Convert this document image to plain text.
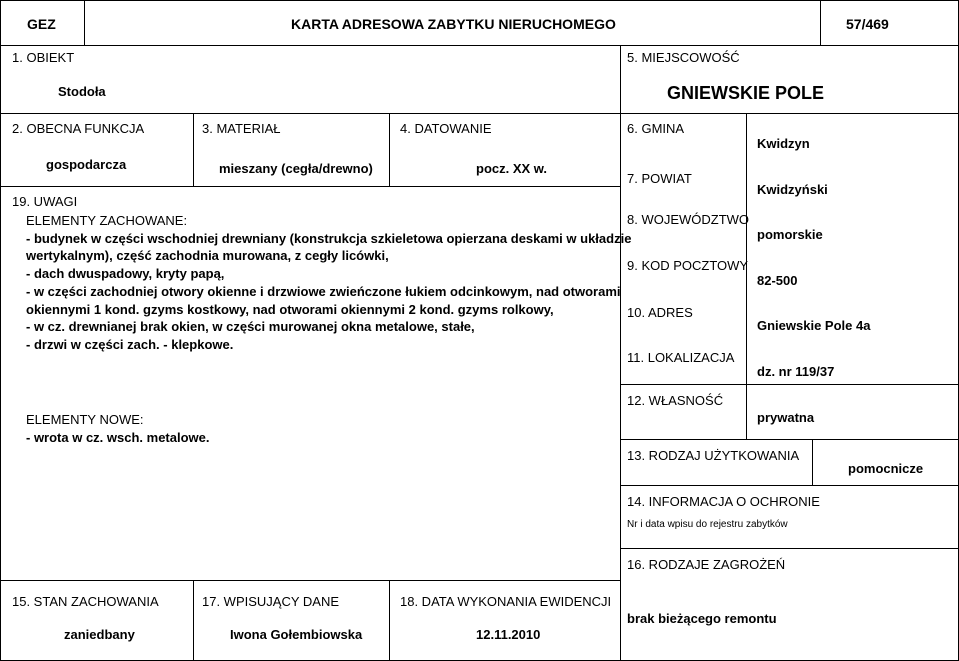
GEZ	KARTA ADRESOWA ZABYTKU NIERUCHOMEGO	57/469
1. OBIEKT
Stodoła
5. MIEJSCOWOŚĆ
GNIEWSKIE POLE
2. OBECNA FUNKCJA
gospodarcza
3. MATERIAŁ
mieszany (cegła/drewno)
4. DATOWANIE
pocz. XX w.
19. UWAGI
ELEMENTY ZACHOWANE:
- budynek w części wschodniej drewniany (konstrukcja szkieletowa opierzana deskami w układzie
wertykalnym), część zachodnia murowana, z cegły licówki,
- dach dwuspadowy, kryty papą,
- w części zachodniej otwory okienne i drzwiowe zwieńczone łukiem odcinkowym, nad otworami
okiennymi 1 kond. gzyms kostkowy, nad otworami okiennymi 2 kond. gzyms rolkowy,
- w cz. drewnianej brak okien, w części murowanej okna metalowe, stałe,
- drzwi w części zach. - klepkowe.
ELEMENTY NOWE:
- wrota w cz. wsch. metalowe.
6. GMINA
Kwidzyn
7. POWIAT
Kwidzyński
8. WOJEWÓDZTWO
pomorskie
9. KOD POCZTOWY
82-500
10. ADRES
Gniewskie Pole 4a
11. LOKALIZACJA
dz. nr 119/37
12. WŁASNOŚĆ
prywatna
13. RODZAJ UŻYTKOWANIA
pomocnicze
14. INFORMACJA O OCHRONIE
Nr i data wpisu do rejestru zabytków
16. RODZAJE ZAGROŻEŃ
brak bieżącego remontu
15. STAN ZACHOWANIA
zaniedbany
17. WPISUJĄCY DANE
Iwona Gołembiowska
18. DATA WYKONANIA EWIDENCJI
12.11.2010
